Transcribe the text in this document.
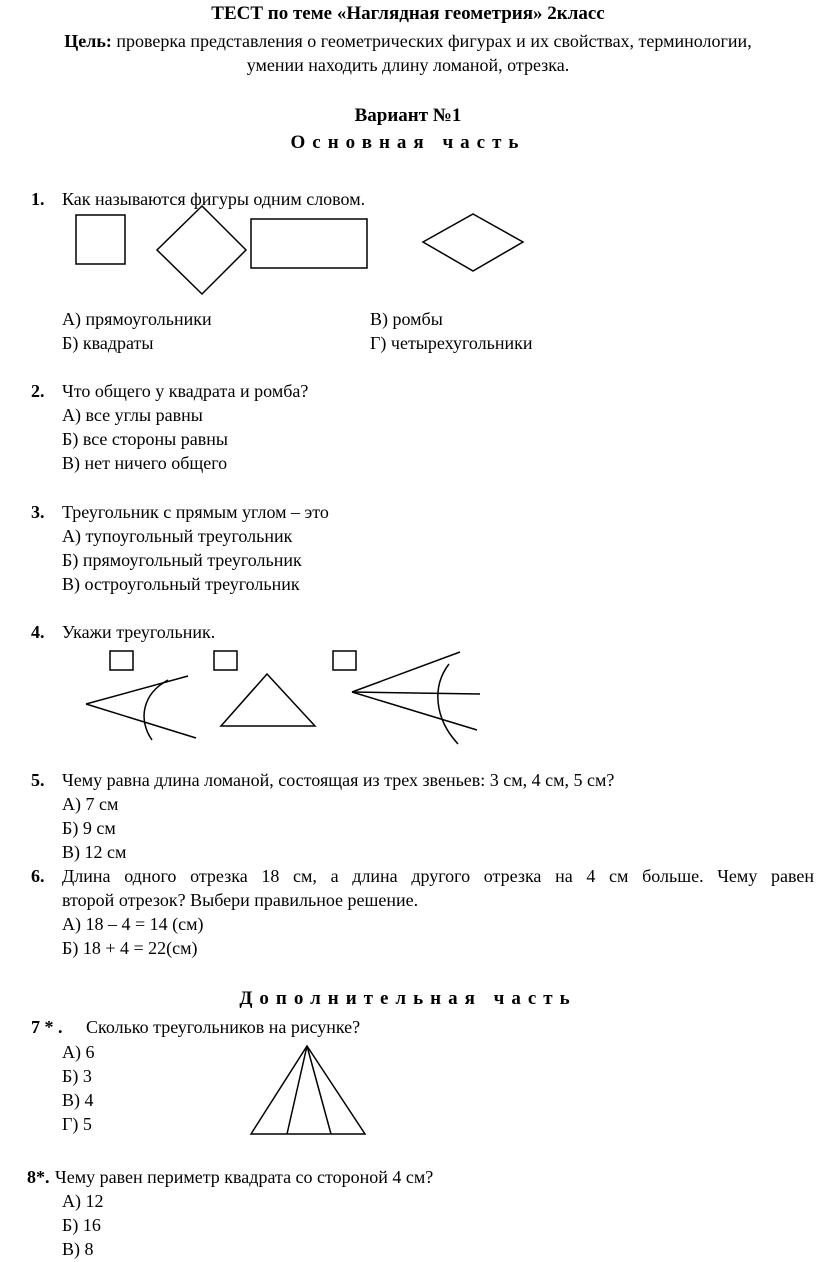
ТЕСТ по теме «Наглядная геометрия» 2класс
Цель: проверка представления о геометрических фигурах и их свойствах, терминологии,
умении находить длину ломаной, отрезка.
Вариант №1
Основная часть
1. Как называются фигуры одним словом.
А) прямоугольники
Б) квадраты
В) ромбы
Г) четырехугольники
2. Что общего у квадрата и ромба?
А) все углы равны
Б) все стороны равны
В) нет ничего общего
3. Треугольник с прямым углом – это
А) тупоугольный треугольник
Б) прямоугольный треугольник
В) остроугольный треугольник
4. Укажи треугольник.
5. Чему равна длина ломаной, состоящая из трех звеньев: 3 см, 4 см, 5 см?
А) 7 см
Б) 9 см
В) 12 см
6. Длина одного отрезка 18 см, а длина другого отрезка на 4 см больше. Чему равен
второй отрезок? Выбери правильное решение.
А) 18 – 4 = 14 (см)
Б) 18 + 4 = 22(см)
Дополнительная часть
7 * . Сколько треугольников на рисунке?
А) 6
Б) 3
В) 4
Г) 5
8*. Чему равен периметр квадрата со стороной 4 см?
А) 12
Б) 16
В) 8
